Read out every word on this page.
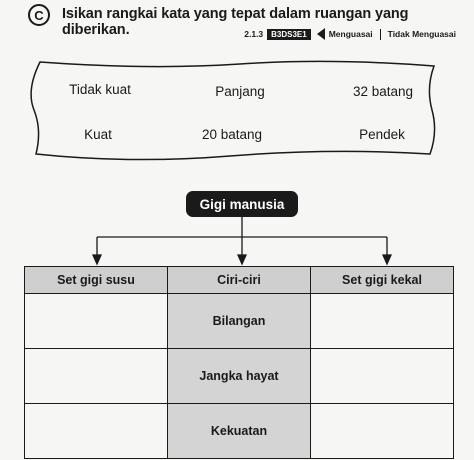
C Isikan rangkai kata yang tepat dalam ruangan yang diberikan.	2.1.3	B3DS3E1	Menguasai Tidak Menguasai
Tidak kuat	Panjang	32 batang
Kuat	20 batang	Pendek
Gigi manusia
Set gigi susu	Ciri-ciri	Set gigi kekal
	Bilangan	
	Jangka hayat	
	Kekuatan	
